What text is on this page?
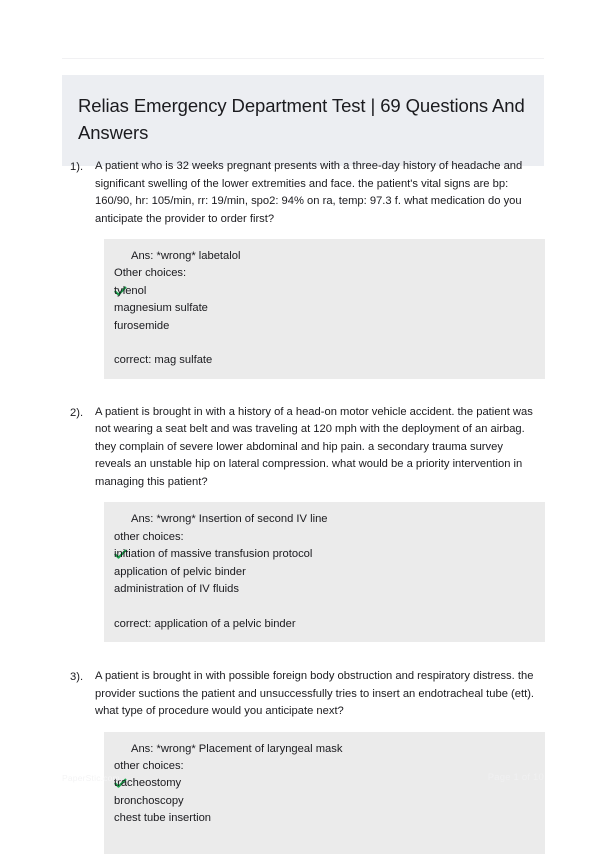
Relias Emergency Department Test | 69 Questions And Answers
1).	A patient who is 32 weeks pregnant presents with a three-day history of headache and significant swelling of the lower extremities and face. the patient's vital signs are bp: 160/90, hr: 105/min, rr: 19/min, spo2: 94% on ra, temp: 97.3 f. what medication do you anticipate the provider to order first?

Ans: *wrong* labetalol
Other choices:
tylenol
magnesium sulfate
furosemide

correct: mag sulfate
2).	A patient is brought in with a history of a head-on motor vehicle accident. the patient was not wearing a seat belt and was traveling at 120 mph with the deployment of an airbag. they complain of severe lower abdominal and hip pain. a secondary trauma survey reveals an unstable hip on lateral compression. what would be a priority intervention in managing this patient?

Ans: *wrong* Insertion of second IV line
other choices:
initiation of massive transfusion protocol
application of pelvic binder
administration of IV fluids

correct: application of a pelvic binder
3).	A patient is brought in with possible foreign body obstruction and respiratory distress. the provider suctions the patient and unsuccessfully tries to insert an endotracheal tube (ett). what type of procedure would you anticipate next?

Ans: *wrong* Placement of laryngeal mask
other choices:
tracheostomy
bronchoscopy
chest tube insertion

PaperStic.com	Page 1 of 10
